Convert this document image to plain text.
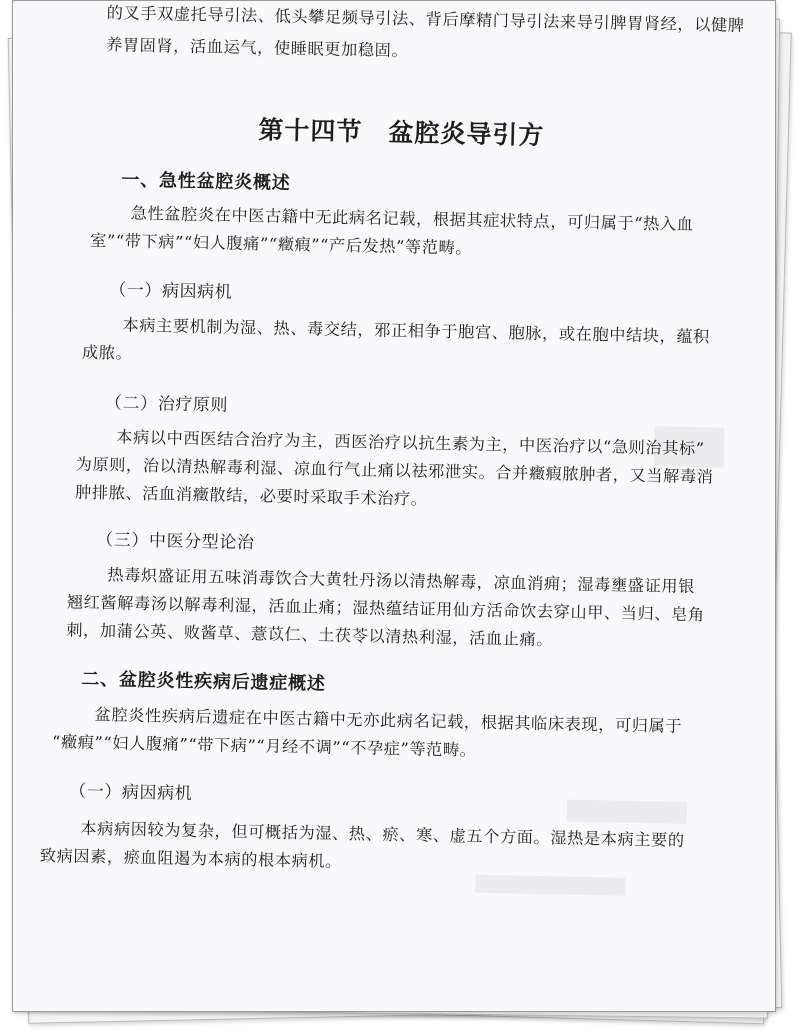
的叉手双虚托导引法、低头攀足频导引法、背后摩精门导引法来导引脾胃肾经，以健脾
养胃固肾，活血运气，使睡眠更加稳固。
第十四节　盆腔炎导引方
一、急性盆腔炎概述
急性盆腔炎在中医古籍中无此病名记载，根据其症状特点，可归属于“热入血
室”“带下病”“妇人腹痛”“癥瘕”“产后发热”等范畴。
（一）病因病机
本病主要机制为湿、热、毒交结，邪正相争于胞宫、胞脉，或在胞中结块，蕴积
成脓。
（二）治疗原则
本病以中西医结合治疗为主，西医治疗以抗生素为主，中医治疗以“急则治其标”
为原则，治以清热解毒利湿、凉血行气止痛以祛邪泄实。合并癥瘕脓肿者，又当解毒消
肿排脓、活血消癥散结，必要时采取手术治疗。
（三）中医分型论治
热毒炽盛证用五味消毒饮合大黄牡丹汤以清热解毒，凉血消痈；湿毒壅盛证用银
翘红酱解毒汤以解毒利湿，活血止痛；湿热蕴结证用仙方活命饮去穿山甲、当归、皂角
刺，加蒲公英、败酱草、薏苡仁、土茯苓以清热利湿，活血止痛。
二、盆腔炎性疾病后遗症概述
盆腔炎性疾病后遗症在中医古籍中无亦此病名记载，根据其临床表现，可归属于
“癥瘕”“妇人腹痛”“带下病”“月经不调”“不孕症”等范畴。
（一）病因病机
本病病因较为复杂，但可概括为湿、热、瘀、寒、虚五个方面。湿热是本病主要的
致病因素，瘀血阻遏为本病的根本病机。
